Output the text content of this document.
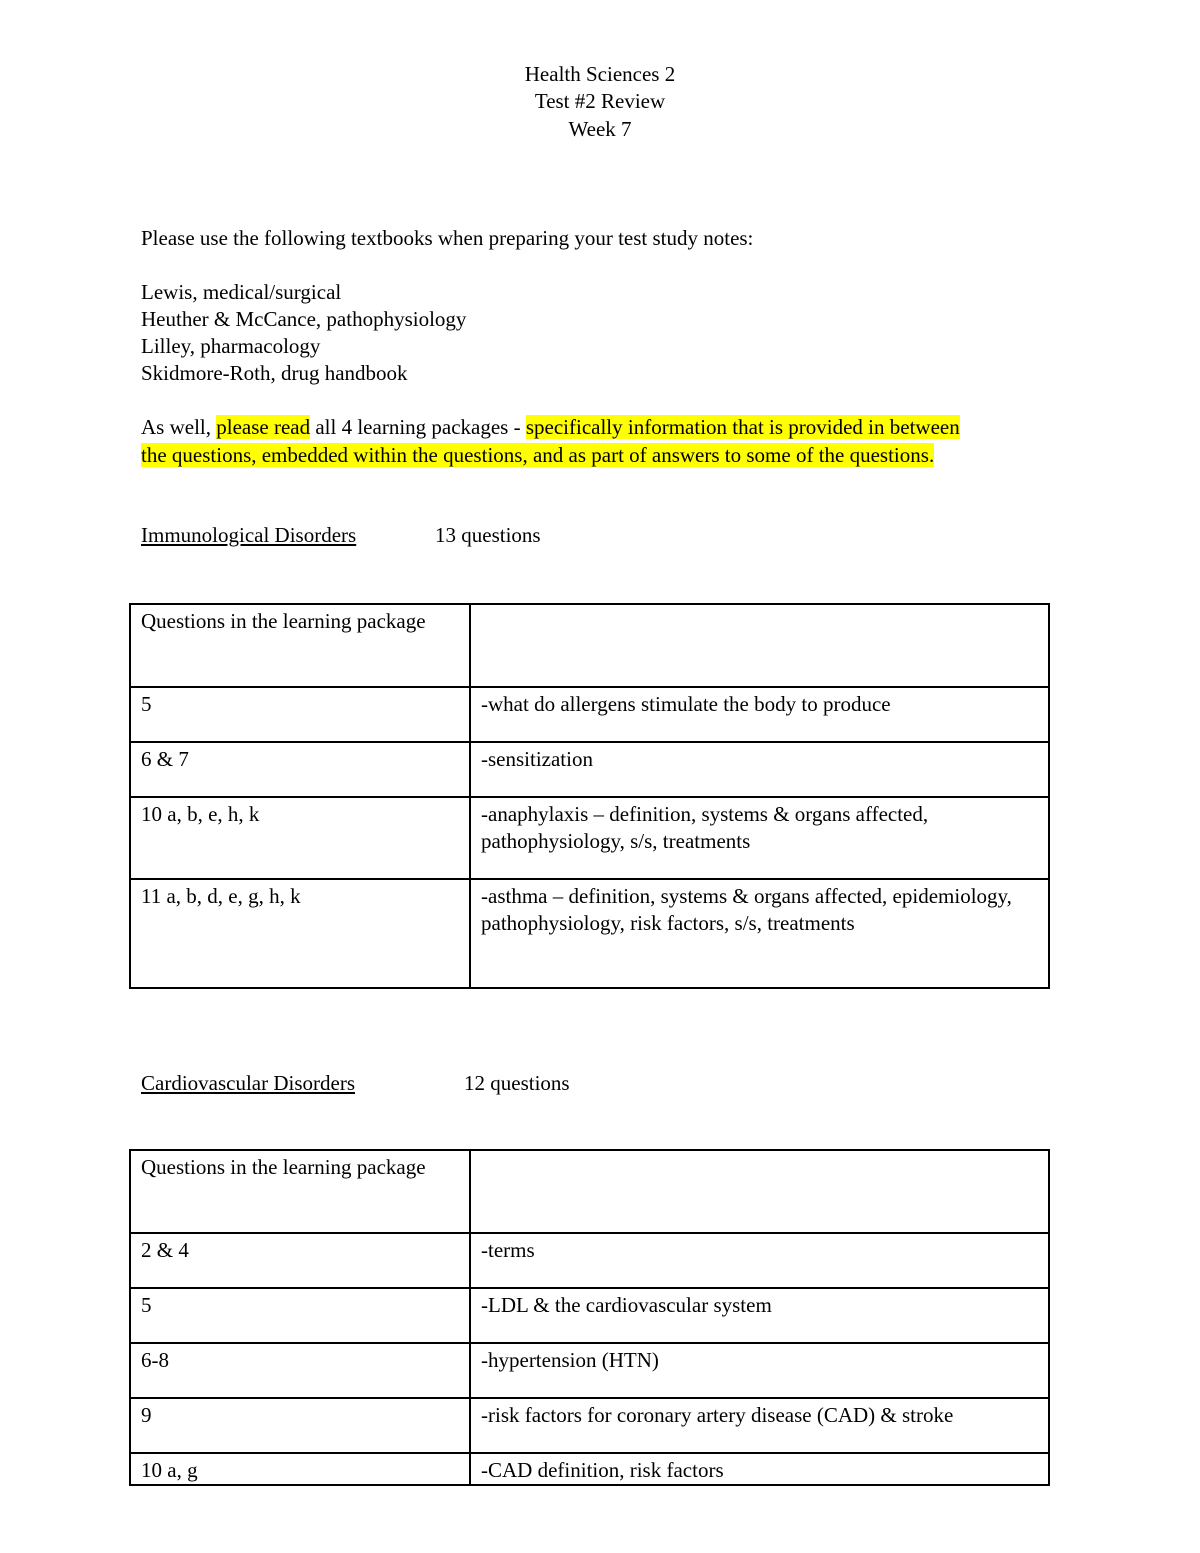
Health Sciences 2
Test #2 Review
Week 7
Please use the following textbooks when preparing your test study notes:
Lewis, medical/surgical
Heuther & McCance, pathophysiology
Lilley, pharmacology
Skidmore-Roth, drug handbook
As well, please read all 4 learning packages - specifically information that is provided in between
the questions, embedded within the questions, and as part of answers to some of the questions.
Immunological Disorders	13 questions
Questions in the learning package	
5	-what do allergens stimulate the body to produce
6 & 7	-sensitization
10 a, b, e, h, k	-anaphylaxis – definition, systems & organs affected, pathophysiology, s/s, treatments
11 a, b, d, e, g, h, k	-asthma – definition, systems & organs affected, epidemiology, pathophysiology, risk factors, s/s, treatments
Cardiovascular Disorders	12 questions
Questions in the learning package	
2 & 4	-terms
5	-LDL & the cardiovascular system
6-8	-hypertension (HTN)
9	-risk factors for coronary artery disease (CAD) & stroke
10 a, g	-CAD definition, risk factors
